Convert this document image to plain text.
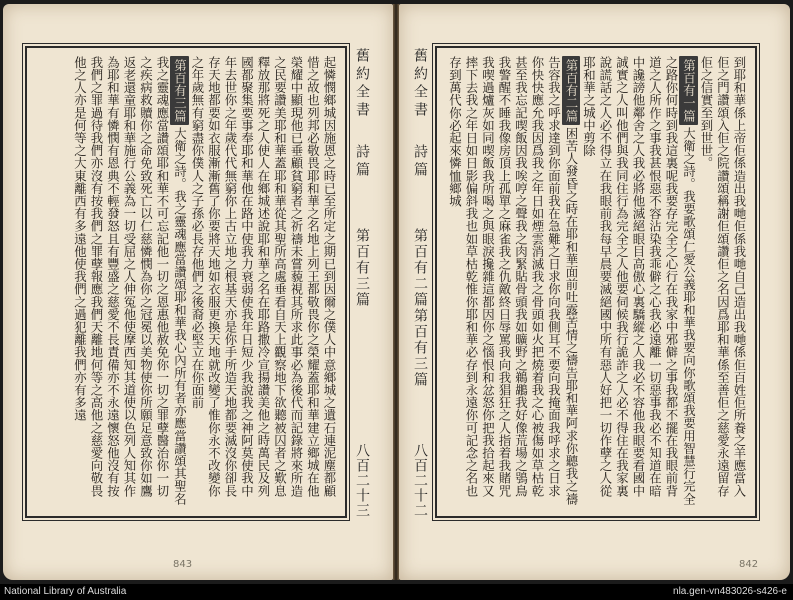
起憐憫鄉城因施恩之時已至所定之期已到因爾之僕人中意鄉城之遺石連泥塵都顧惜之故也列邦必敬畏耶和華之名地上列王都敬畏你之榮耀蓋耶和華建立鄉城在他榮耀中顯現他已垂顧貧窮者之祈禱未嘗藐視其所求此事必為後代而記錄將來所造之民要讚美耶和華蓋耶和華從其聖所高處垂看自天上觀察地下欲聽被囚者之歎息釋放那將死之人使人在鄉城述說耶和華之名在耶路撒冷宣揚讚美他之時萬民及列國都聚集要事奉耶和華他在路中使我力衰弱使我年日短少我說我之神阿莫使我中年去世你之年歲代代無窮你上古立地之根基天亦是你手所造天地都要滅沒你卻長存天地都要如衣服漸漸舊了你要將天地如衣服更換天地就改變了惟你永不改變你之年歲無有窮盡你僕人之子孫必長存他們之後裔必堅立在你面前

第百有三篇大衛之詩。我之靈魂應當讚頌耶和華我心內所有者亦應當讚頌其聖名我之靈魂應當讚頌耶和華不可忘記他一切之恩惠他赦免你一切之罪孽醫治你一切之疾病救贖你之命免致死亡以仁慈憐憫為你之冠冕以美物使你所願足意致你如鷹返老還童耶和華施行公義為一切受屈之人伸冤他使摩西知其道使以色列人知其作為耶和華有憐憫有恩典不輕發怒且有豐盛之慈愛不長責備亦不永遠懷怒他沒有按我們之罪過待我們亦沒有按我們之罪孽報應我們天離地何等之高他之慈愛向敬畏他之人亦是何等之大東離西有多遠他使我們之過犯離我們亦有多遠	舊約全書
詩篇
第百有三篇
八百二十三
843

到耶和華係上帝佢係造出我哋佢係我哋自己造出我哋係佢百姓佢所養之羊應當入佢之門讚頌入佢之院讚頌稱謝佢頌讚佢之名因爲耶和華係至善佢之慈愛永遠留存佢之信實至到世世。

第百有一篇大衛之詩。我要歌頌仁愛公義耶和華我要向你歌頌我要用智慧行完全之路你何時到我這裏呢我要存完全之心行在我家中邪僻之事我都不擺在我眼前背道之人所作之事我甚恨惡不容沾染我乖僻之心我必遠離一切惡事我必不知道在暗中讒謗他鄰舍之人我必將他滅絕眼目高傲心裏驕縱之人我必不容他我眼要看國中誠實之人叫他們與我同住行為完全之人他要伺候我行詭詐之人必不得住在我家裏說謊話之人必不得立在我眼前我每早晨要滅絕國中所有惡人好把一切作孽之人從耶和華之城中剪除

第百有二篇困苦人發昏之時在耶和華面前吐露苦情之禱告耶和華阿求你聽我之禱告容我之呼求達到你面前我在急難之日求你向我側耳不要向我掩面我呼求之日求你快快應允我因爲我之年日如煙雲消滅我之骨頭如火把燒着我之心被傷如草枯乾甚至我忘記喫飯因我唉哼之聲我之肉緊貼骨頭我如曠野之鵜鶘我好像荒場之鴞鳥我警醒不睡我像房頂上孤單之麻雀我之仇敵終日辱罵我向我猖狂之人指着我賭咒我喫過爐灰如同喫飯我所喝之與眼淚攙雜這都因你之惱恨和忿怒你把我拾起來又摔下去我之年日如日影偏斜我也如草枯乾惟你耶和華必存到永遠你可記念之名也存到萬代你必起來憐恤鄉城

舊約全書
詩篇
第百有二篇第百有三篇
八百二十二
842
National Library of Australia	nla.gen-vn483026-s426-e
